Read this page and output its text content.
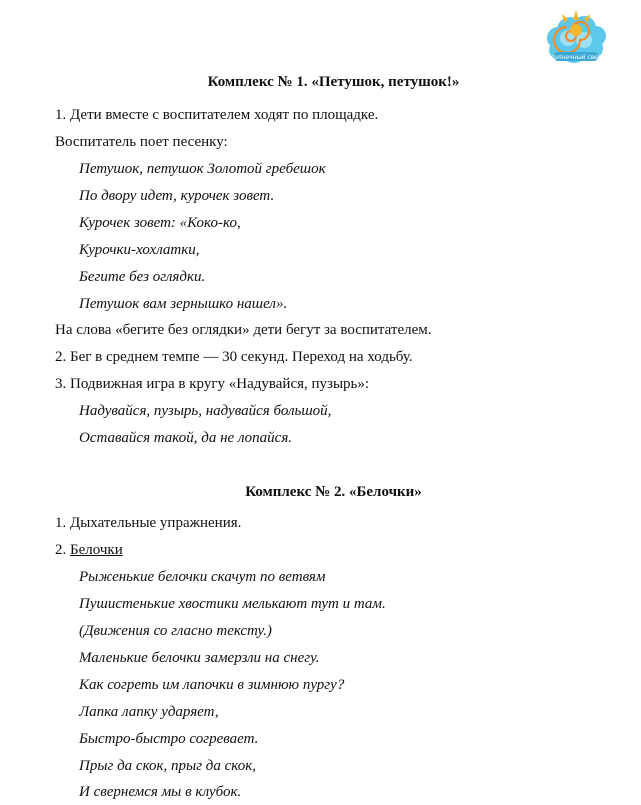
солнечный свет
Комплекс № 1. «Петушок, петушок!»
1. Дети вместе с воспитателем ходят по площадке.
Воспитатель поет песенку:
Петушок, петушок Золотой гребешок
По двору идет, курочек зовет.
Курочек зовет: «Коко-ко,
Курочки-хохлатки,
Бегите без оглядки.
Петушок вам зернышко нашел».
На слова «бегите без оглядки» дети бегут за воспитателем.
2. Бег в среднем темпе — 30 секунд. Переход на ходьбу.
3. Подвижная игра в кругу «Надувайся, пузырь»:
Надувайся, пузырь, надувайся большой,
Оставайся такой, да не лопайся.
Комплекс № 2. «Белочки»
1. Дыхательные упражнения.
2. Белочки
Рыженькие белочки скачут по ветвям
Пушистенькие хвостики мелькают тут и там.
(Движения со гласно тексту.)
Маленькие белочки замерзли на снегу.
Как согреть им лапочки в зимнюю пургу?
Лапка лапку ударяет,
Быстро-быстро согревает.
Прыг да скок, прыг да скок,
И свернемся мы в клубок.
